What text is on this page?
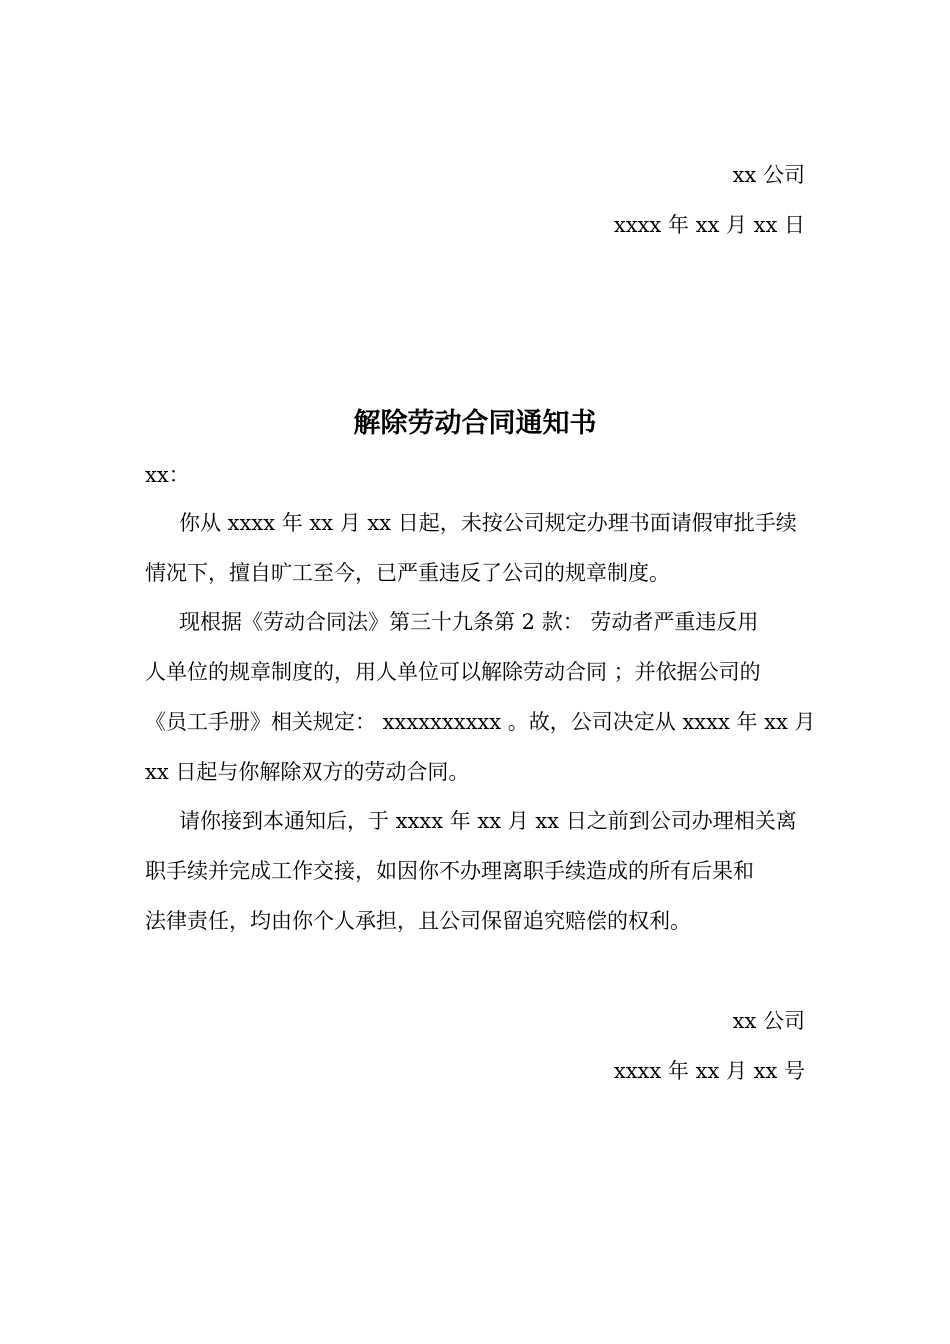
xx 公司
xxxx 年 xx 月 xx 日
解除劳动合同通知书
xx：
你从 xxxx 年 xx 月 xx 日起，未按公司规定办理书面请假审批手续
情况下，擅自旷工至今，已严重违反了公司的规章制度。
现根据《劳动合同法》第三十九条第 2 款： 劳动者严重违反用
人单位的规章制度的，用人单位可以解除劳动合同 ；并依据公司的
《员工手册》相关规定： xxxxxxxxxx 。故，公司决定从 xxxx 年 xx 月
xx 日起与你解除双方的劳动合同。
请你接到本通知后，于 xxxx 年 xx 月 xx 日之前到公司办理相关离
职手续并完成工作交接，如因你不办理离职手续造成的所有后果和
法律责任，均由你个人承担，且公司保留追究赔偿的权利。
xx 公司
xxxx 年 xx 月 xx 号
